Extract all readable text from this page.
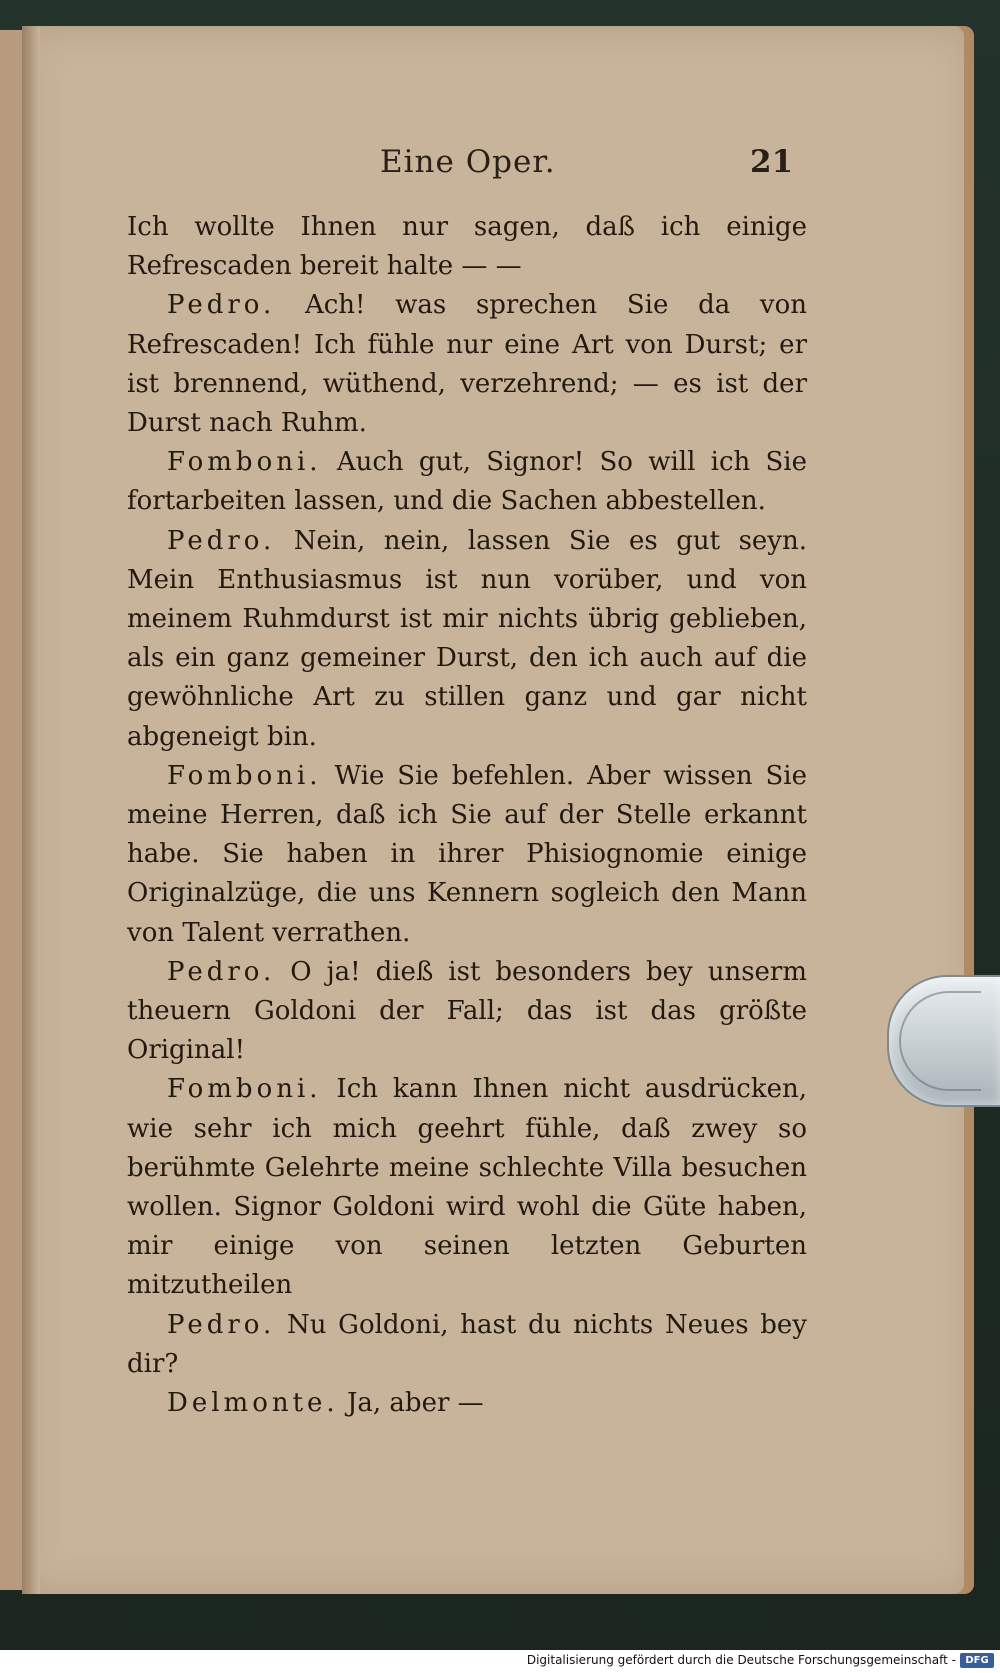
Eine Oper.	21

Ich wollte Ihnen nur sagen, daß ich einige Refrescaden bereit halte — —

Pedro. Ach! was sprechen Sie da von Refrescaden! Ich fühle nur eine Art von Durst; er ist brennend, wüthend, verzehrend; — es ist der Durst nach Ruhm.

Fomboni. Auch gut, Signor! So will ich Sie fortarbeiten lassen, und die Sachen abbestellen.

Pedro. Nein, nein, lassen Sie es gut seyn. Mein Enthusiasmus ist nun vorüber, und von meinem Ruhmdurst ist mir nichts übrig geblieben, als ein ganz gemeiner Durst, den ich auch auf die gewöhnliche Art zu stillen ganz und gar nicht abgeneigt bin.

Fomboni. Wie Sie befehlen. Aber wissen Sie meine Herren, daß ich Sie auf der Stelle erkannt habe. Sie haben in ihrer Phisiognomie einige Originalzüge, die uns Kennern sogleich den Mann von Talent verrathen.

Pedro. O ja! dieß ist besonders bey unserm theuern Goldoni der Fall; das ist das größte Original!

Fomboni. Ich kann Ihnen nicht ausdrücken, wie sehr ich mich geehrt fühle, daß zwey so berühmte Gelehrte meine schlechte Villa besuchen wollen. Signor Goldoni wird wohl die Güte haben, mir einige von seinen letzten Geburten mitzutheilen

Pedro. Nu Goldoni, hast du nichts Neues bey dir?

Delmonte. Ja, aber —

Digitalisierung gefördert durch die Deutsche Forschungsgemeinschaft - DFG
